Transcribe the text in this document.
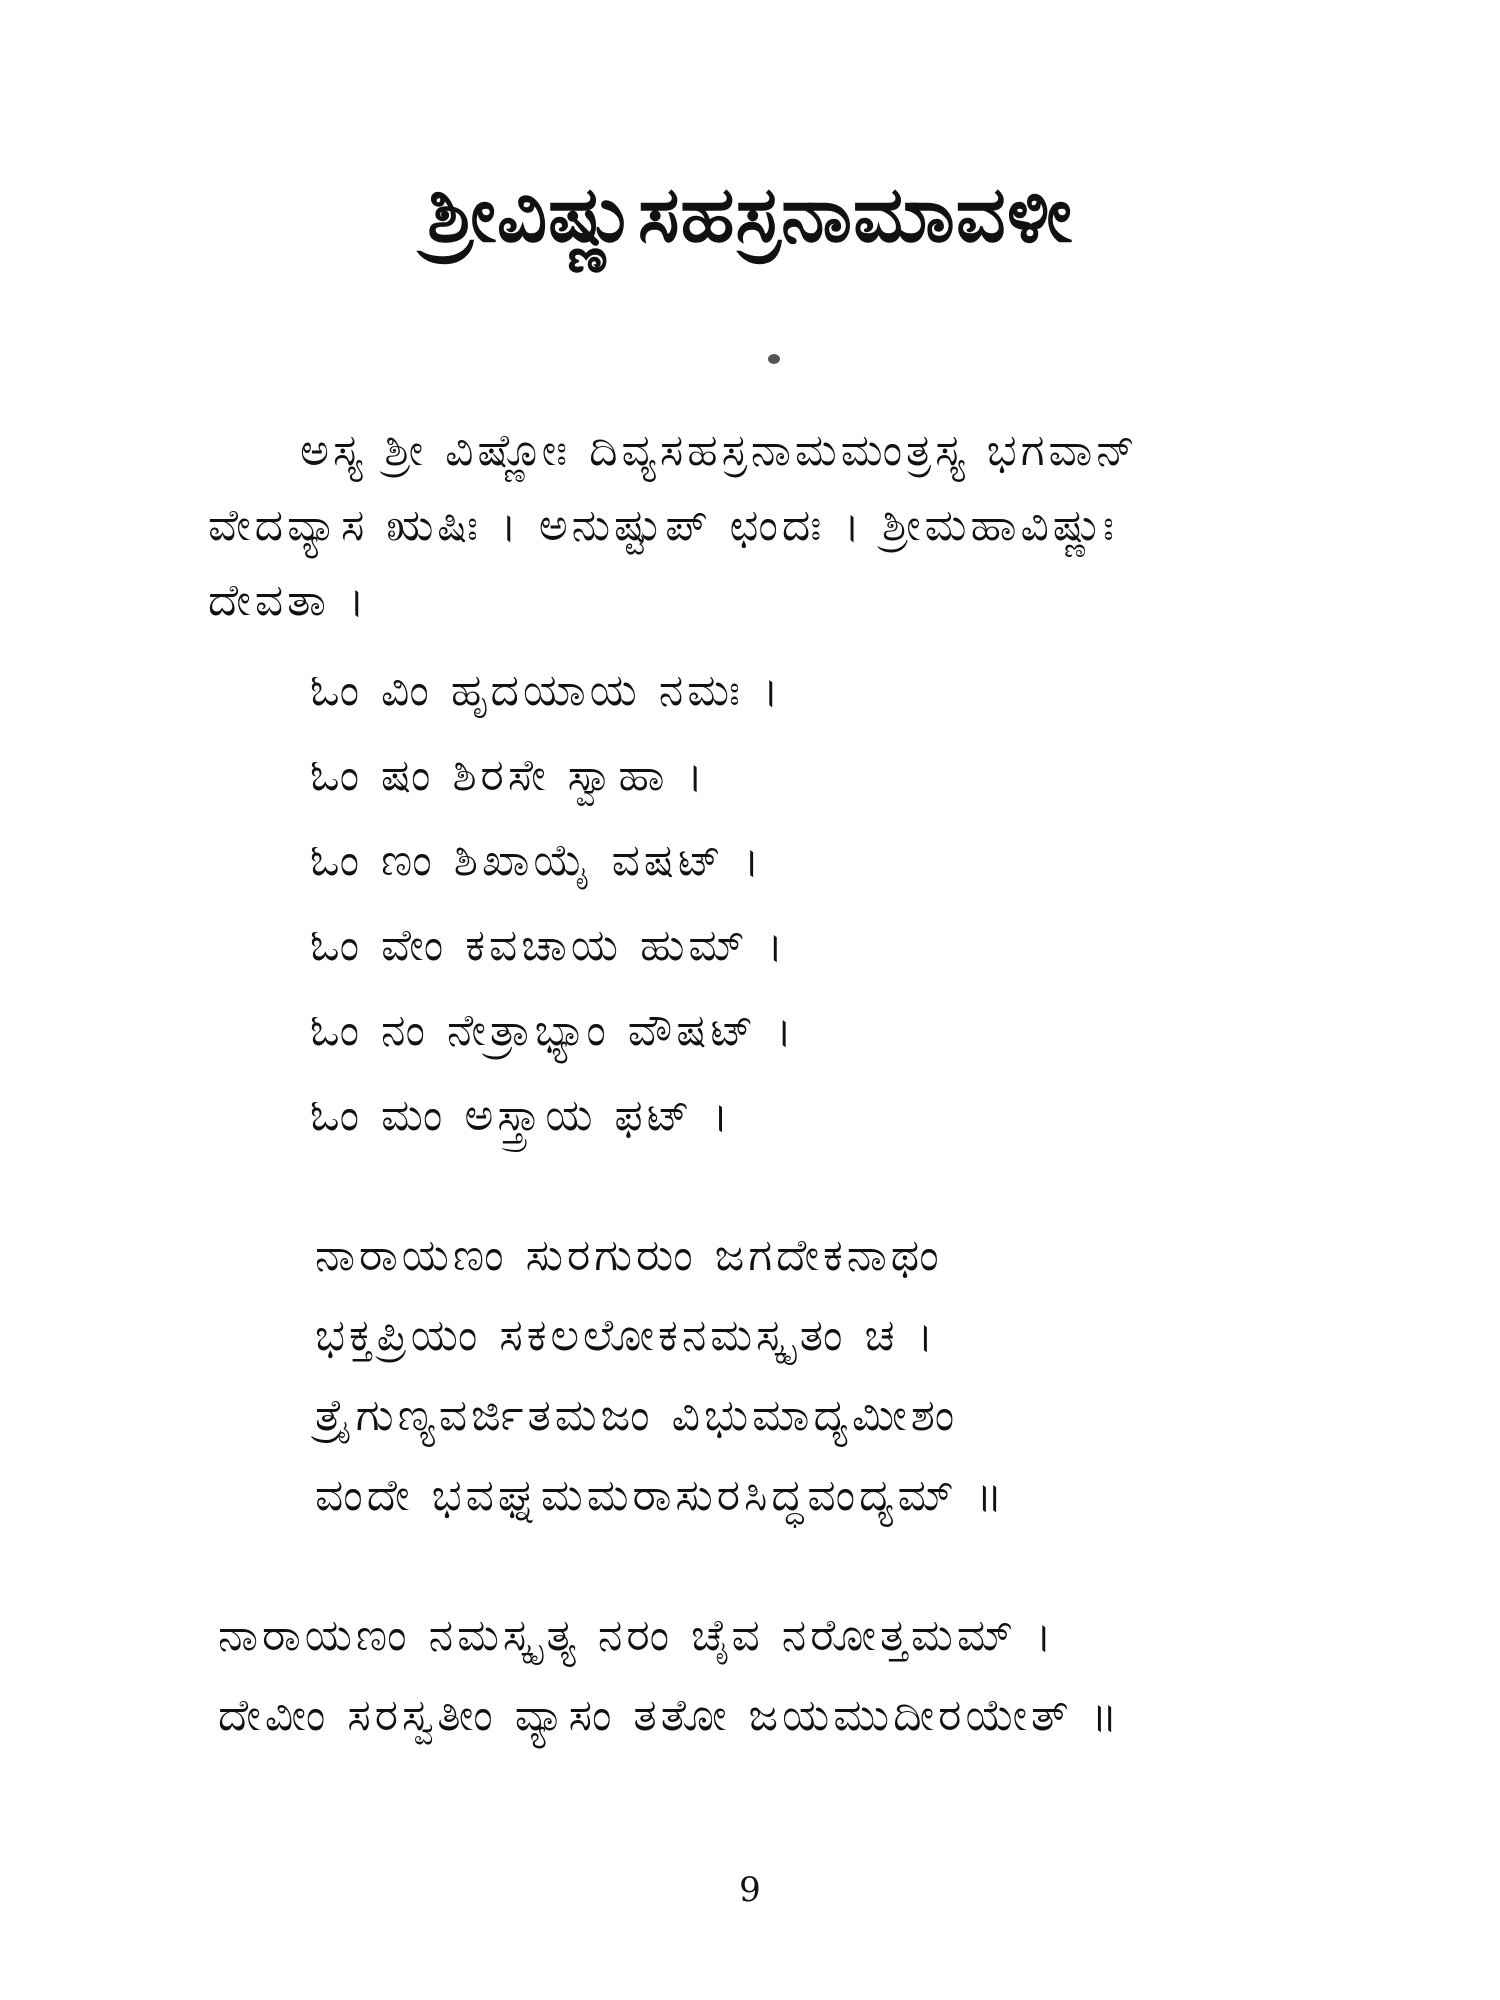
ಶ್ರೀವಿಷ್ಣುಸಹಸ್ರನಾಮಾವಳೀ
ಅಸ್ಯ ಶ್ರೀ ವಿಷ್ಣೋಃ ದಿವ್ಯಸಹಸ್ರನಾಮಮಂತ್ರಸ್ಯ ಭಗವಾನ್
ವೇದವ್ಯಾಸ ಋಷಿಃ । ಅನುಷ್ಟುಪ್ ಛಂದಃ । ಶ್ರೀಮಹಾವಿಷ್ಣುಃ
ದೇವತಾ ।
ಓಂ ವಿಂ ಹೃದಯಾಯ ನಮಃ ।
ಓಂ ಷಂ ಶಿರಸೇ ಸ್ವಾಹಾ ।
ಓಂ ಣಂ ಶಿಖಾಯೈ ವಷಟ್ ।
ಓಂ ವೇಂ ಕವಚಾಯ ಹುಮ್ ।
ಓಂ ನಂ ನೇತ್ರಾಭ್ಯಾಂ ವೌಷಟ್ ।
ಓಂ ಮಂ ಅಸ್ತ್ರಾಯ ಫಟ್ ।
ನಾರಾಯಣಂ ಸುರಗುರುಂ ಜಗದೇಕನಾಥಂ
ಭಕ್ತಪ್ರಿಯಂ ಸಕಲಲೋಕನಮಸ್ಕೃತಂ ಚ ।
ತ್ರೈಗುಣ್ಯವರ್ಜಿತಮಜಂ ವಿಭುಮಾದ್ಯಮೀಶಂ
ವಂದೇ ಭವಘ್ನಮಮರಾಸುರಸಿದ್ಧವಂದ್ಯಮ್ ॥
ನಾರಾಯಣಂ ನಮಸ್ಕೃತ್ಯ ನರಂ ಚೈವ ನರೋತ್ತಮಮ್ ।
ದೇವೀಂ ಸರಸ್ವತೀಂ ವ್ಯಾಸಂ ತತೋ ಜಯಮುದೀರಯೇತ್ ॥
9
